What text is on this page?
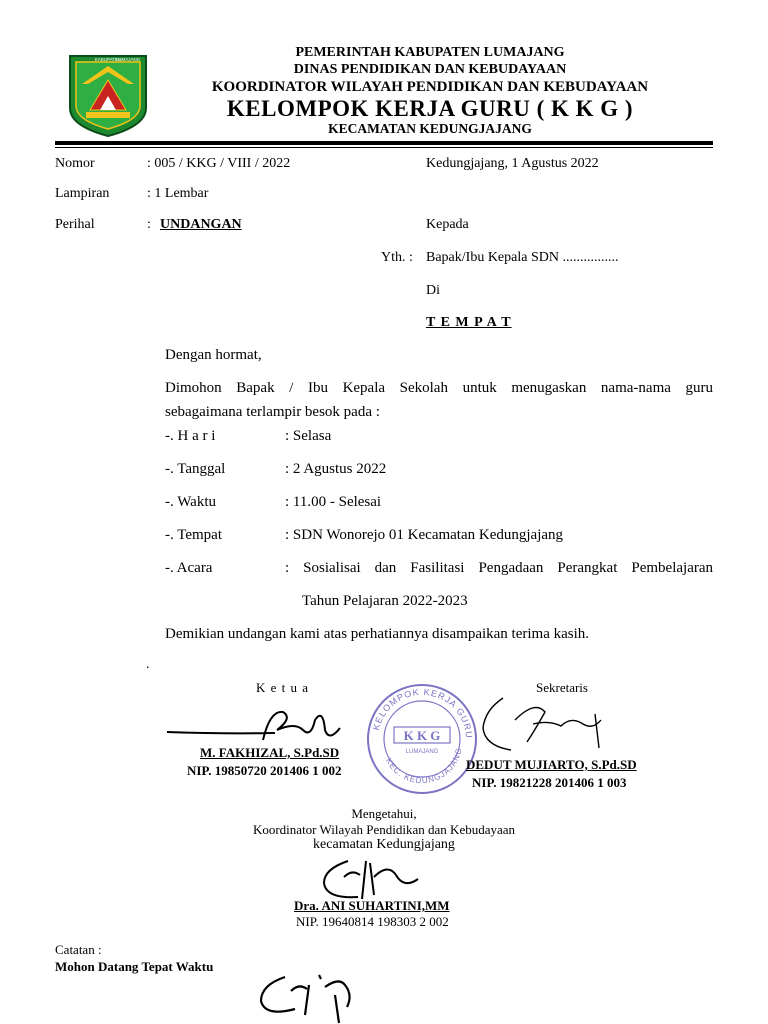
KABUPATEN
LUMAJANG	PEMERINTAH KABUPATEN LUMAJANG
DINAS PENDIDIKAN DAN KEBUDAYAAN
KOORDINATOR WILAYAH PENDIDIKAN DAN KEBUDAYAAN
KELOMPOK KERJA GURU ( K K G )
KECAMATAN KEDUNGJAJANG
Nomor	: 005 / KKG / VIII / 2022	Kedungjajang, 1 Agustus 2022
Lampiran	: 1 Lembar
Perihal	: UNDANGAN	Kepada
Yth. : Bapak/Ibu Kepala SDN ................
Di
T E M P A T
Dengan hormat,
Dimohon Bapak / Ibu Kepala Sekolah untuk menugaskan nama-nama guru
sebagaimana terlampir besok pada :
-. H a r i	: Selasa
-. Tanggal	: 2 Agustus 2022
-. Waktu	: 11.00 - Selesai
-. Tempat	: SDN Wonorejo 01 Kecamatan Kedungjajang
-. Acara	: Sosialisai dan Fasilitasi Pengadaan Perangkat Pembelajaran
Tahun Pelajaran 2022-2023
Demikian undangan kami atas perhatiannya disampaikan terima kasih.
.
K e t u a	Sekretaris
KELOMPOK KERJA GURU
KEC. KEDUNGJAJANG
K K G
LUMAJANG
M. FAKHIZAL, S.Pd.SD
NIP. 19850720 201406 1 002	DEDUT MUJIARTO, S.Pd.SD
NIP. 19821228 201406 1 003
Mengetahui,
Koordinator Wilayah Pendidikan dan Kebudayaan
kecamatan Kedungjajang
Dra. ANI SUHARTINI,MM
NIP. 19640814 198303 2 002
Catatan :
Mohon Datang Tepat Waktu
